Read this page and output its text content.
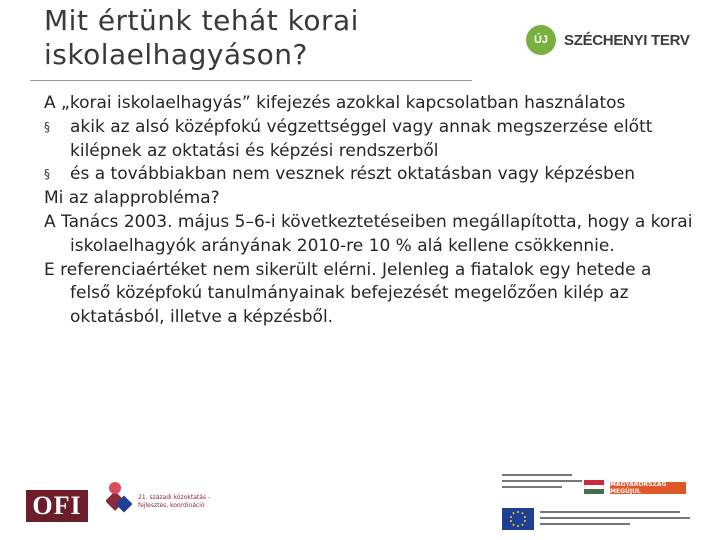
Mit értünk tehát korai
iskolaelhagyáson?	ÚJ	SZÉCHENYI TERV

A „korai iskolaelhagyás” kifejezés azokkal kapcsolatban használatos

§ akik az alsó középfokú végzettséggel vagy annak megszerzése előtt kilépnek az oktatási és képzési rendszerből

§ és a továbbiakban nem vesznek részt oktatásban vagy képzésben

Mi az alapprobléma?

A Tanács 2003. május 5–6-i következtetéseiben megállapította, hogy a korai iskolaelhagyók arányának 2010-re 10 % alá kellene csökkennie.

E referenciaértéket nem sikerült elérni. Jelenleg a fiatalok egy hetede a felső középfokú tanulmányainak befejezését megelőzően kilép az oktatásból, illetve a képzésből.

OFI	21. századi közoktatás - fejlesztés, koordináció
MAGYARORSZÁG MEGÚJUL
